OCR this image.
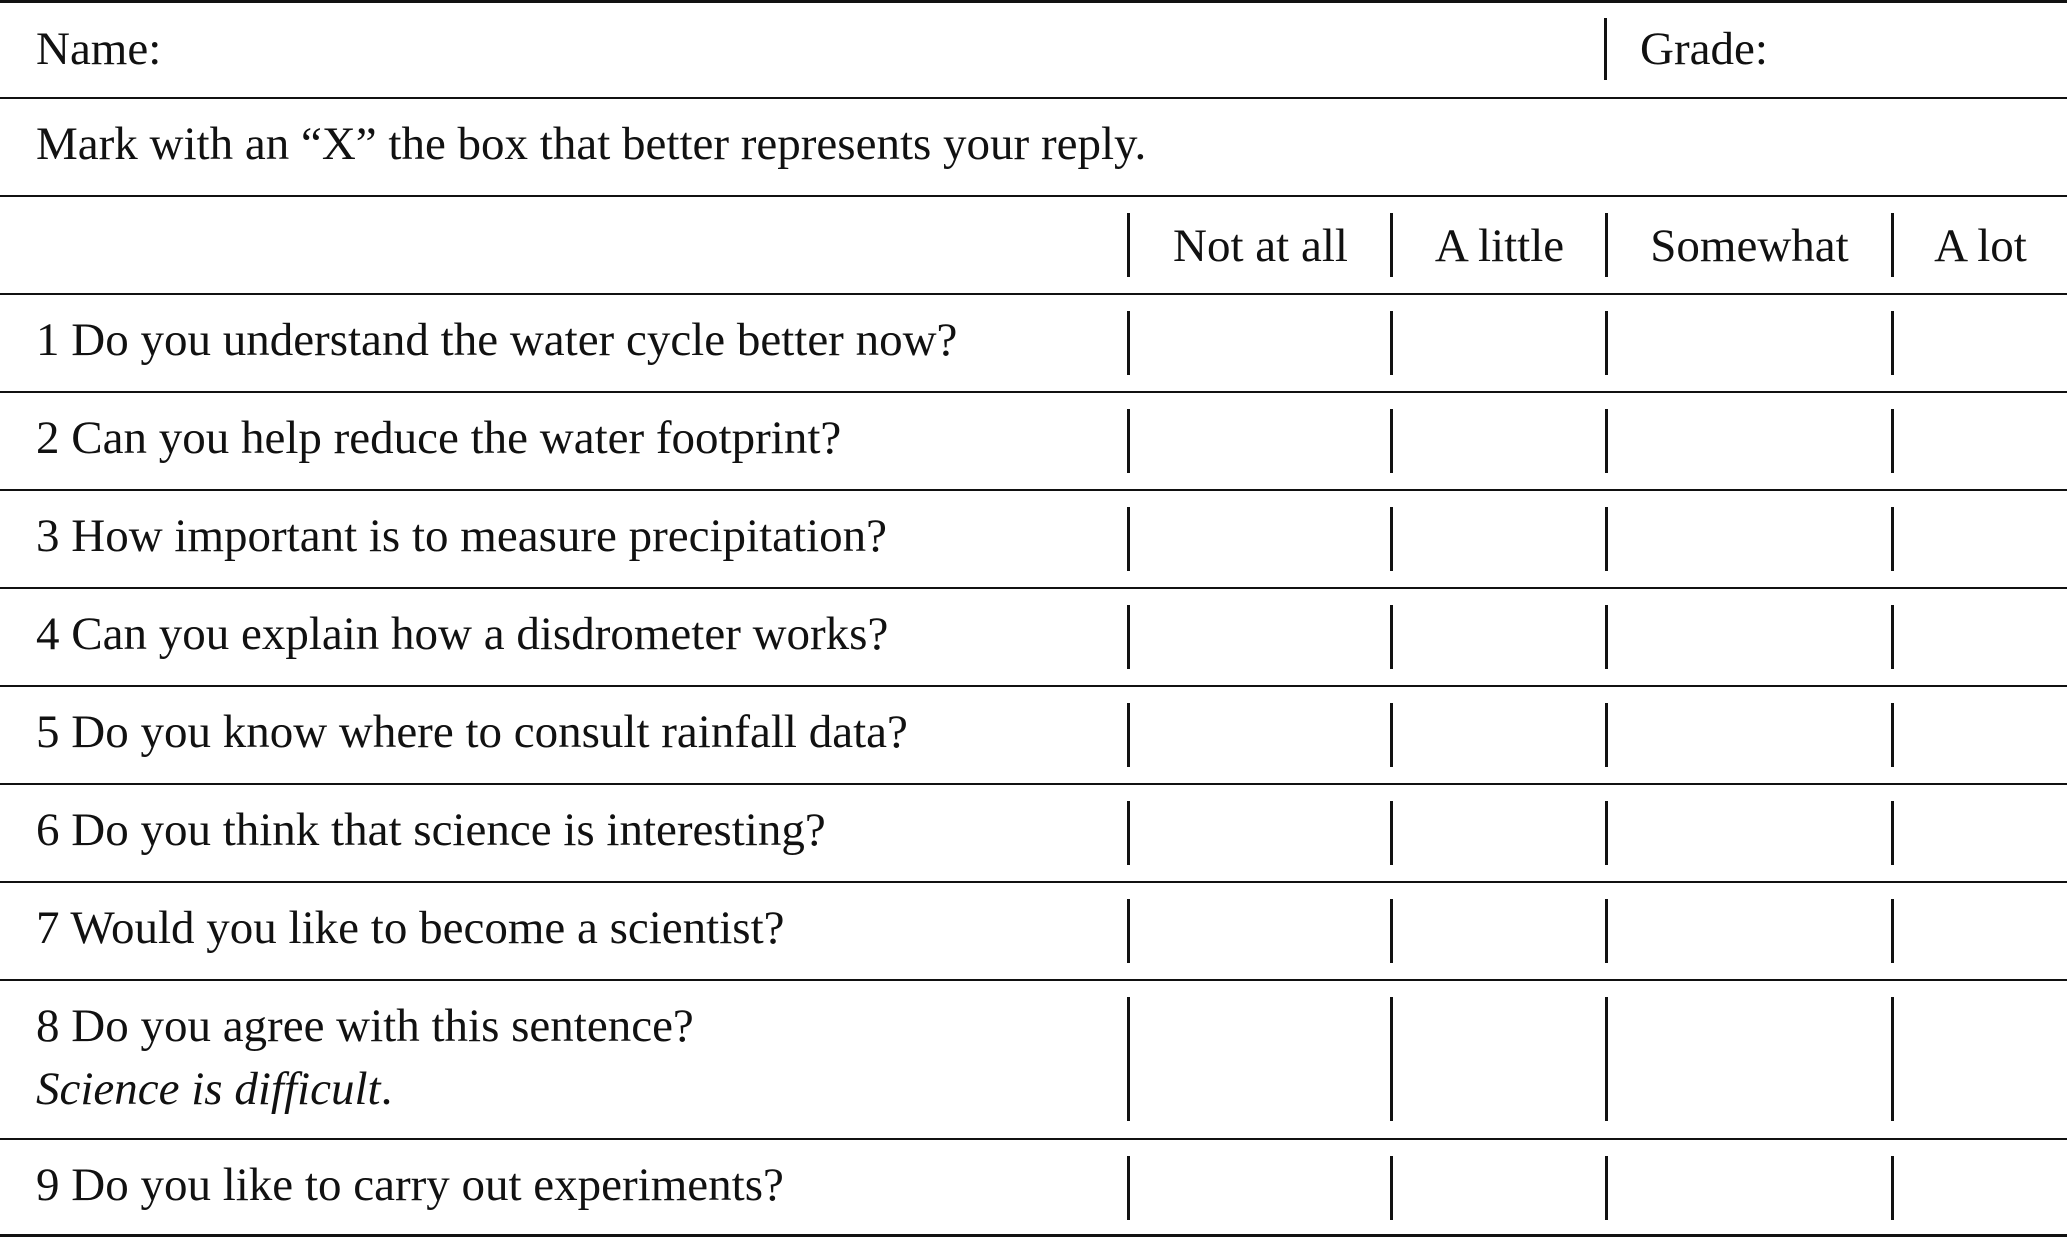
Name:	Grade:
Mark with an “X” the box that better represents your reply.
Not at all	A little	Somewhat	A lot
1 Do you understand the water cycle better now?
2 Can you help reduce the water footprint?
3 How important is to measure precipitation?
4 Can you explain how a disdrometer works?
5 Do you know where to consult rainfall data?
6 Do you think that science is interesting?
7 Would you like to become a scientist?
8 Do you agree with this sentence?
Science is difficult.
9 Do you like to carry out experiments?
